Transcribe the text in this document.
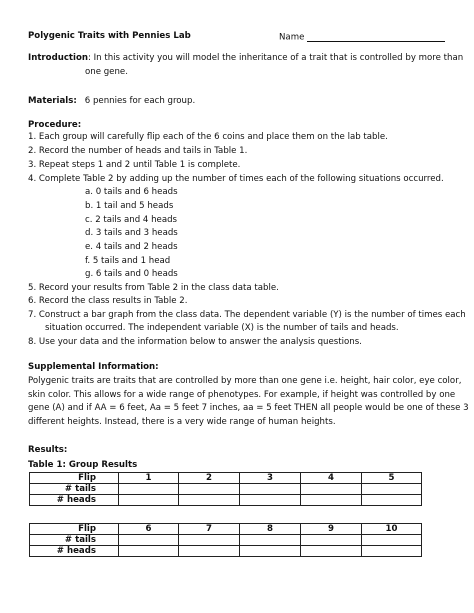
Polygenic Traits with Pennies Lab	Name
Introduction: In this activity you will model the inheritance of a trait that is controlled by more than
one gene.
Materials: 6 pennies for each group.
Procedure:
1. Each group will carefully flip each of the 6 coins and place them on the lab table.
2. Record the number of heads and tails in Table 1.
3. Repeat steps 1 and 2 until Table 1 is complete.
4. Complete Table 2 by adding up the number of times each of the following situations occurred.
a. 0 tails and 6 heads
b. 1 tail and 5 heads
c. 2 tails and 4 heads
d. 3 tails and 3 heads
e. 4 tails and 2 heads
f. 5 tails and 1 head
g. 6 tails and 0 heads
5. Record your results from Table 2 in the class data table.
6. Record the class results in Table 2.
7. Construct a bar graph from the class data. The dependent variable (Y) is the number of times each
situation occurred. The independent variable (X) is the number of tails and heads.
8. Use your data and the information below to answer the analysis questions.
Supplemental Information:
Polygenic traits are traits that are controlled by more than one gene i.e. height, hair color, eye color,
skin color. This allows for a wide range of phenotypes. For example, if height was controlled by one
gene (A) and if AA = 6 feet, Aa = 5 feet 7 inches, aa = 5 feet THEN all people would be one of these 3
different heights. Instead, there is a very wide range of human heights.
Results:
Table 1: Group Results
Flip	1	2	3	4	5
# tails					
# heads					
Flip	6	7	8	9	10
# tails					
# heads					
